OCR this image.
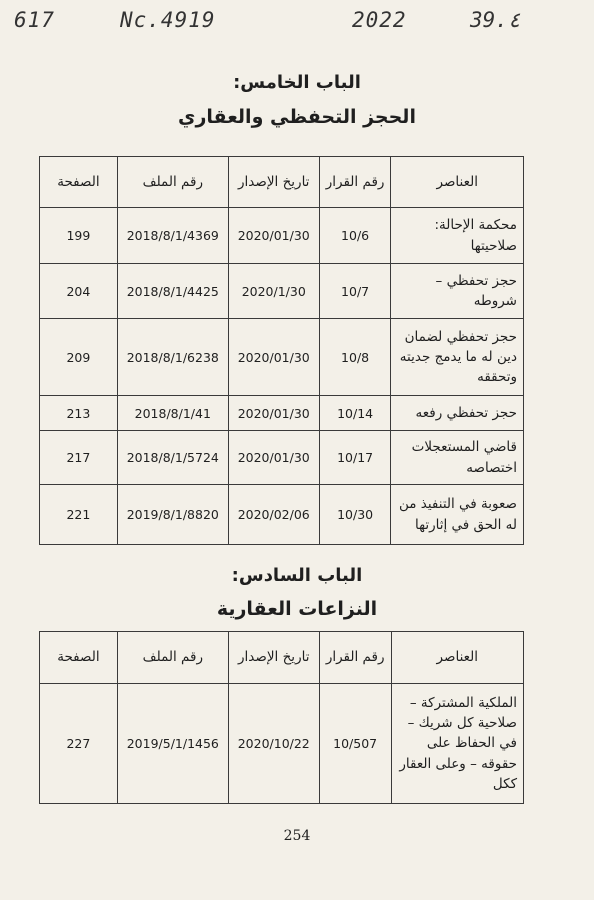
617	Nc.4919	2022	39.٤
الباب الخامس:
الحجز التحفظي والعقاري
العناصر	رقم القرار	تاريخ الإصدار	رقم الملف	الصفحة
محكمة الإحالة: صلاحيتها	10/6	2020/01/30	2018/8/1/4369	199
حجز تحفظي – شروطه	10/7	2020/1/30	2018/8/1/4425	204
حجز تحفظي لضمان دين له ما يدمج جديته وتحققه	10/8	2020/01/30	2018/8/1/6238	209
حجز تحفظي رفعه	10/14	2020/01/30	2018/8/1/41	213
قاضي المستعجلات اختصاصه	10/17	2020/01/30	2018/8/1/5724	217
صعوبة في التنفيذ من له الحق في إثارتها	10/30	2020/02/06	2019/8/1/8820	221
الباب السادس:
النزاعات العقارية
العناصر	رقم القرار	تاريخ الإصدار	رقم الملف	الصفحة
الملكية المشتركة – صلاحية كل شريك – في الحفاظ على حقوقه – وعلى العقار ككل	10/507	2020/10/22	2019/5/1/1456	227
254
